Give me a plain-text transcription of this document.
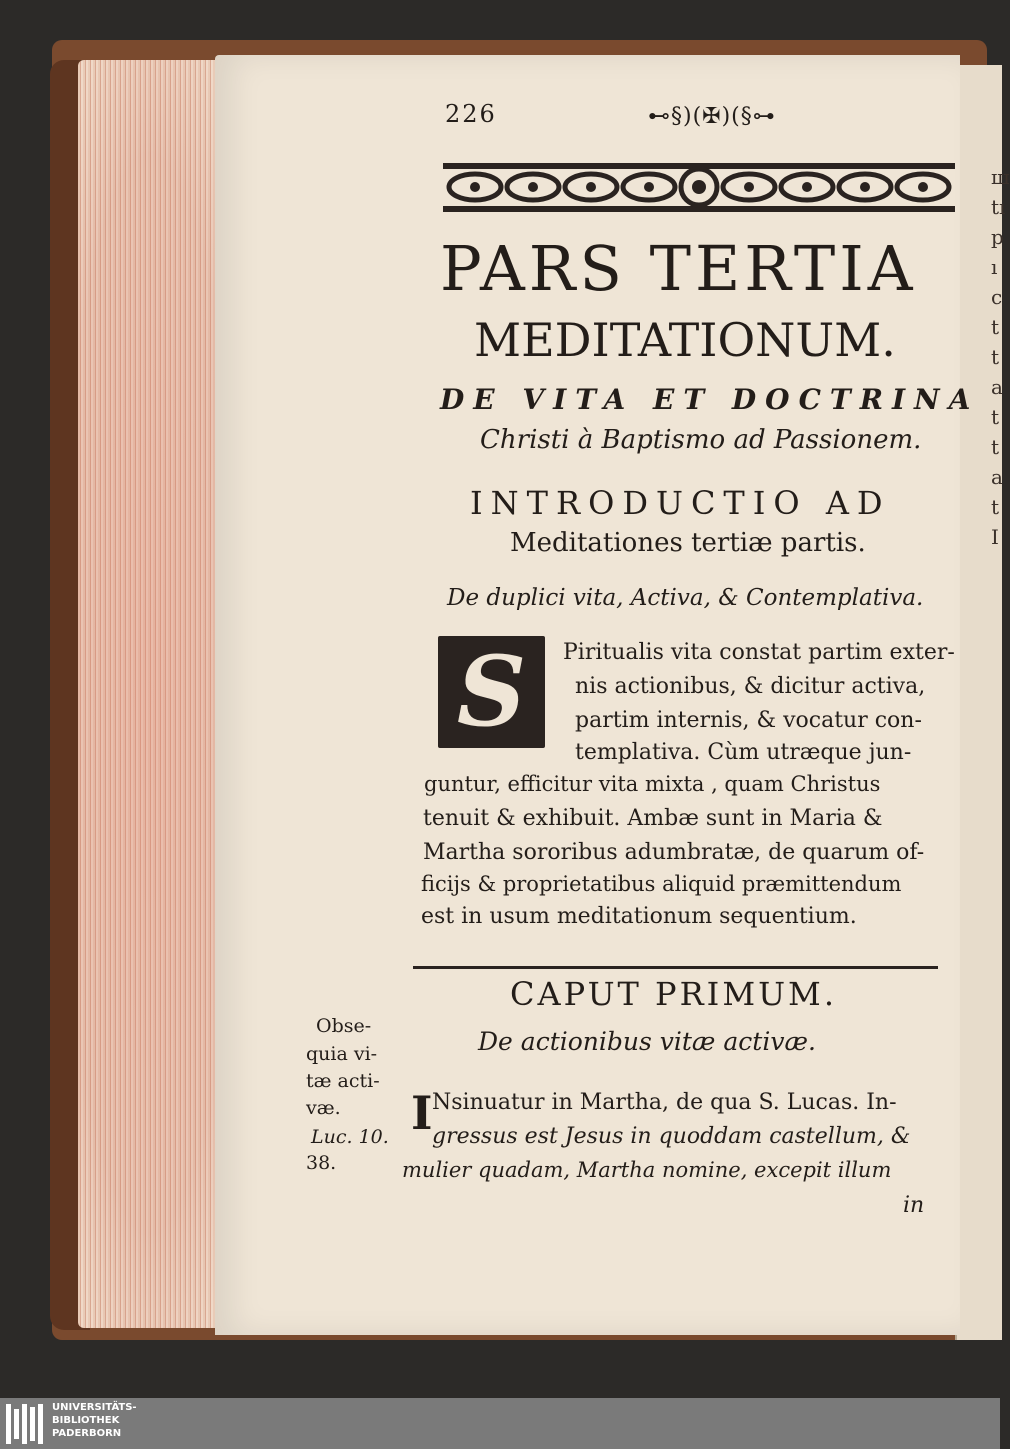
ш
tı
p
ı
c
t
t
a
t
t
a
t
I
226	⊷§)(✠)(§⊶
PARS TERTIA
MEDITATIONUM.
DE VITA ET DOCTRINA
Christi à Baptismo ad Passionem.
INTRODUCTIO AD
Meditationes tertiæ partis.
De duplici vita, Activa, & Contemplativa.
S	Piritualis vita constat partim exter-
nis actionibus, & dicitur activa,
partim internis, & vocatur con-
templativa. Cùm utræque jun-
guntur, efficitur vita mixta , quam Christus
tenuit & exhibuit. Ambæ sunt in Maria &
Martha sororibus adumbratæ, de quarum of-
ficijs & proprietatibus aliquid præmittendum
est in usum meditationum sequentium.
CAPUT PRIMUM.
De actionibus vitæ activæ.
Obse-
quia vi-
tæ acti-
væ.
Luc. 10.
38.
I Nsinuatur in Martha, de qua S. Lucas. In-
gressus est Jesus in quoddam castellum, &
mulier quadam, Martha nomine, excepit illum
in
UNIVERSITÄTS-
BIBLIOTHEK
PADERBORN
